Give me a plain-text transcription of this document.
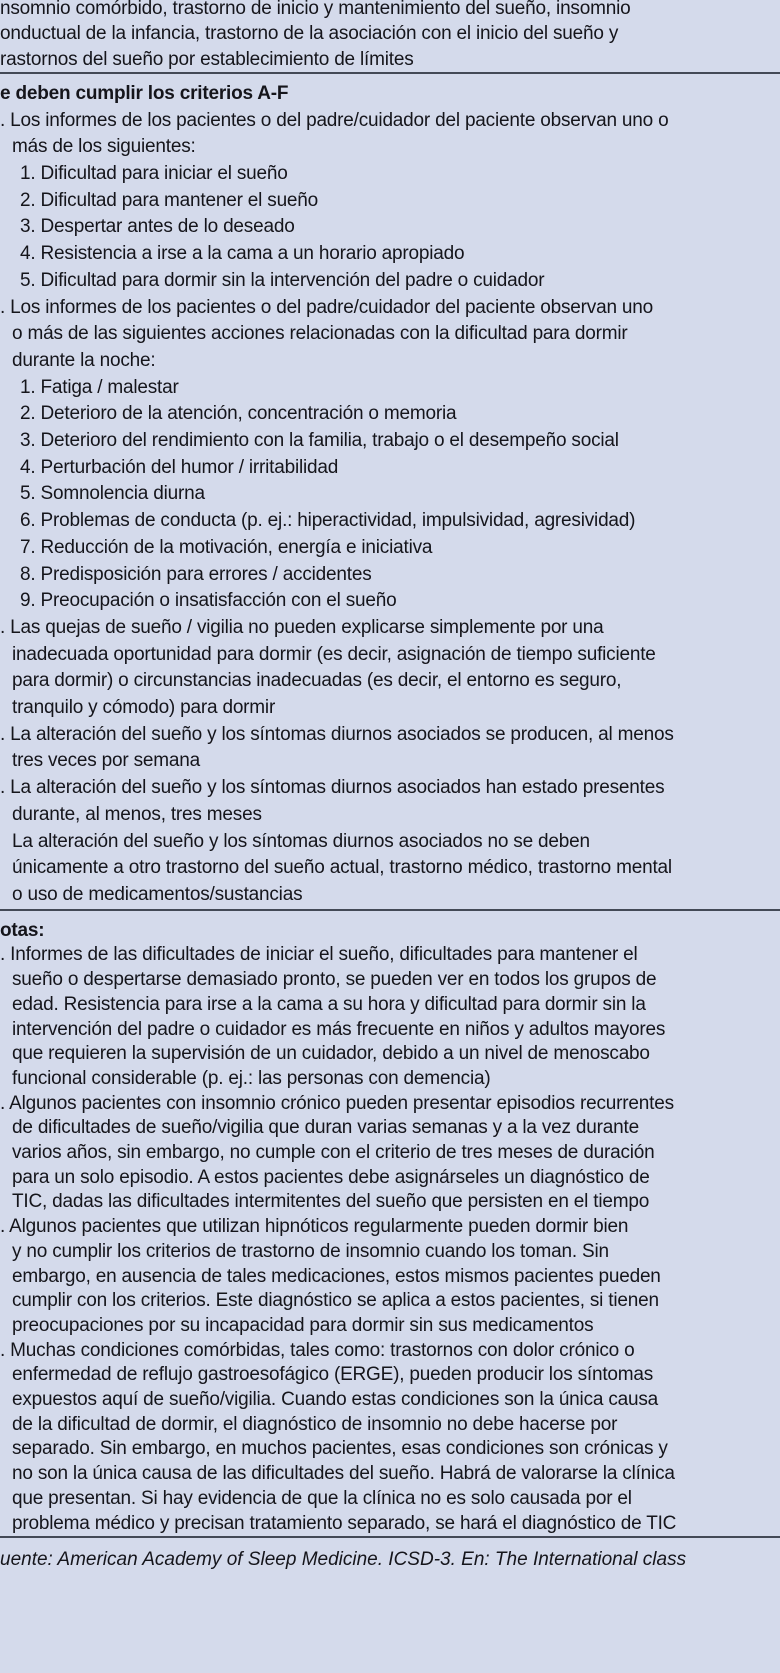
nsomnio comórbido, trastorno de inicio y mantenimiento del sueño, insomnio
onductual de la infancia, trastorno de la asociación con el inicio del sueño y
rastornos del sueño por establecimiento de límites
e deben cumplir los criterios A-F
. Los informes de los pacientes o del padre/cuidador del paciente observan uno o
más de los siguientes:
1. Dificultad para iniciar el sueño
2. Dificultad para mantener el sueño
3. Despertar antes de lo deseado
4. Resistencia a irse a la cama a un horario apropiado
5. Dificultad para dormir sin la intervención del padre o cuidador
. Los informes de los pacientes o del padre/cuidador del paciente observan uno
o más de las siguientes acciones relacionadas con la dificultad para dormir
durante la noche:
1. Fatiga / malestar
2. Deterioro de la atención, concentración o memoria
3. Deterioro del rendimiento con la familia, trabajo o el desempeño social
4. Perturbación del humor / irritabilidad
5. Somnolencia diurna
6. Problemas de conducta (p. ej.: hiperactividad, impulsividad, agresividad)
7. Reducción de la motivación, energía e iniciativa
8. Predisposición para errores / accidentes
9. Preocupación o insatisfacción con el sueño
. Las quejas de sueño / vigilia no pueden explicarse simplemente por una
inadecuada oportunidad para dormir (es decir, asignación de tiempo suficiente
para dormir) o circunstancias inadecuadas (es decir, el entorno es seguro,
tranquilo y cómodo) para dormir
. La alteración del sueño y los síntomas diurnos asociados se producen, al menos
tres veces por semana
. La alteración del sueño y los síntomas diurnos asociados han estado presentes
durante, al menos, tres meses
La alteración del sueño y los síntomas diurnos asociados no se deben
únicamente a otro trastorno del sueño actual, trastorno médico, trastorno mental
o uso de medicamentos/sustancias
otas:
. Informes de las dificultades de iniciar el sueño, dificultades para mantener el
sueño o despertarse demasiado pronto, se pueden ver en todos los grupos de
edad. Resistencia para irse a la cama a su hora y dificultad para dormir sin la
intervención del padre o cuidador es más frecuente en niños y adultos mayores
que requieren la supervisión de un cuidador, debido a un nivel de menoscabo
funcional considerable (p. ej.: las personas con demencia)
. Algunos pacientes con insomnio crónico pueden presentar episodios recurrentes
de dificultades de sueño/vigilia que duran varias semanas y a la vez durante
varios años, sin embargo, no cumple con el criterio de tres meses de duración
para un solo episodio. A estos pacientes debe asignárseles un diagnóstico de
TIC, dadas las dificultades intermitentes del sueño que persisten en el tiempo
. Algunos pacientes que utilizan hipnóticos regularmente pueden dormir bien
y no cumplir los criterios de trastorno de insomnio cuando los toman. Sin
embargo, en ausencia de tales medicaciones, estos mismos pacientes pueden
cumplir con los criterios. Este diagnóstico se aplica a estos pacientes, si tienen
preocupaciones por su incapacidad para dormir sin sus medicamentos
. Muchas condiciones comórbidas, tales como: trastornos con dolor crónico o
enfermedad de reflujo gastroesofágico (ERGE), pueden producir los síntomas
expuestos aquí de sueño/vigilia. Cuando estas condiciones son la única causa
de la dificultad de dormir, el diagnóstico de insomnio no debe hacerse por
separado. Sin embargo, en muchos pacientes, esas condiciones son crónicas y
no son la única causa de las dificultades del sueño. Habrá de valorarse la clínica
que presentan. Si hay evidencia de que la clínica no es solo causada por el
problema médico y precisan tratamiento separado, se hará el diagnóstico de TIC
uente: American Academy of Sleep Medicine. ICSD-3. En: The International class
